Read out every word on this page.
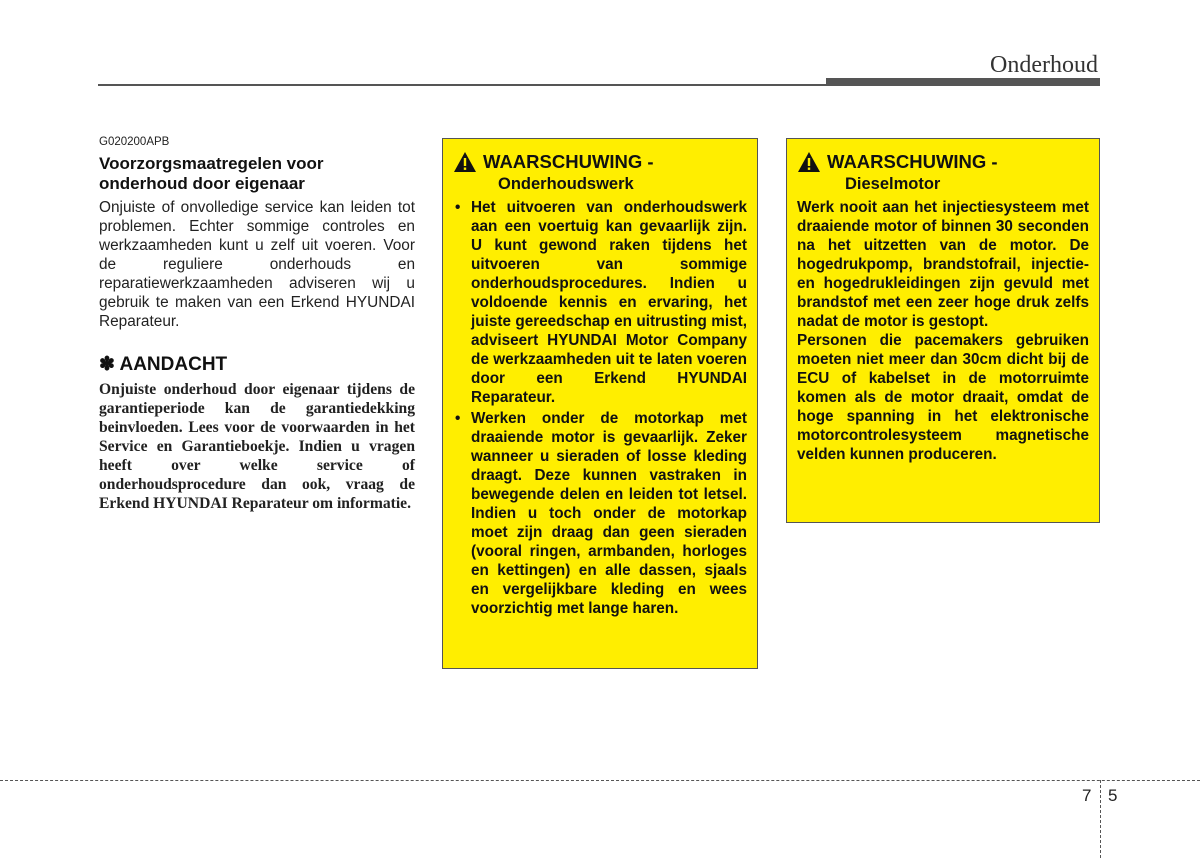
Onderhoud

G020200APB

Voorzorgsmaatregelen voor onderhoud door eigenaar

Onjuiste of onvolledige service kan leiden tot problemen. Echter sommige controles en werkzaamheden kunt u zelf uit voeren. Voor de reguliere onderhouds en reparatiewerkzaamheden adviseren wij u gebruik te maken van een Erkend HYUNDAI Reparateur.

✽ AANDACHT

Onjuiste onderhoud door eigenaar tijdens de garantieperiode kan de garantiedekking beinvloeden. Lees voor de voorwaarden in het Service en Garantieboekje. Indien u vragen heeft over welke service of onderhoudsprocedure dan ook, vraag de Erkend HYUNDAI Reparateur om informatie.

WAARSCHUWING -
Onderhoudswerk
• Het uitvoeren van onderhoudswerk aan een voertuig kan gevaarlijk zijn. U kunt gewond raken tijdens het uitvoeren van sommige onderhoudsprocedures. Indien u voldoende kennis en ervaring, het juiste gereedschap en uitrusting mist, adviseert HYUNDAI Motor Company de werkzaamheden uit te laten voeren door een Erkend HYUNDAI Reparateur.
• Werken onder de motorkap met draaiende motor is gevaarlijk. Zeker wanneer u sieraden of losse kleding draagt. Deze kunnen vastraken in bewegende delen en leiden tot letsel. Indien u toch onder de motorkap moet zijn draag dan geen sieraden (vooral ringen, armbanden, horloges en kettingen) en alle dassen, sjaals en vergelijkbare kleding en wees voorzichtig met lange haren.
WAARSCHUWING -
Dieselmotor

Werk nooit aan het injectiesysteem met draaiende motor of binnen 30 seconden na het uitzetten van de motor. De hogedrukpomp, brandstofrail, injectie- en hogedrukleidingen zijn gevuld met brandstof met een zeer hoge druk zelfs nadat de motor is gestopt.

Personen die pacemakers gebruiken moeten niet meer dan 30cm dicht bij de ECU of kabelset in de motorruimte komen als de motor draait, omdat de hoge spanning in het elektronische motorcontrolesysteem magnetische velden kunnen produceren.

7 5
